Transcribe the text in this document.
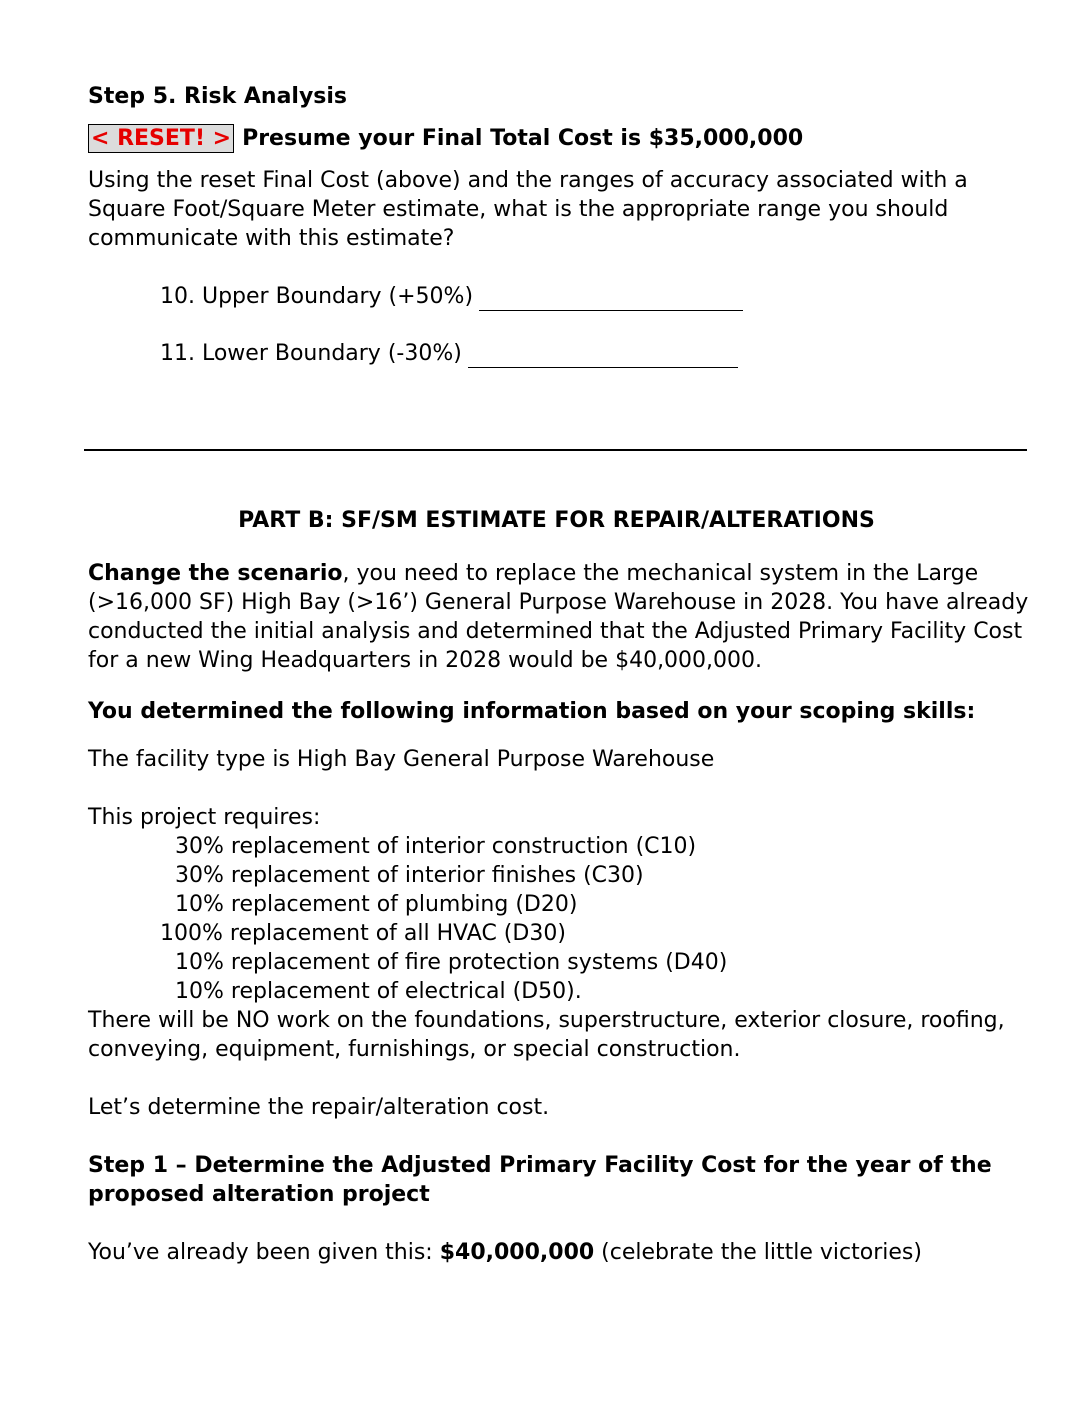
Step 5. Risk Analysis
< RESET! > Presume your Final Total Cost is $35,000,000
Using the reset Final Cost (above) and the ranges of accuracy associated with a Square Foot/Square Meter estimate, what is the appropriate range you should communicate with this estimate?
10. Upper Boundary (+50%)
11. Lower Boundary (-30%)
PART B: SF/SM ESTIMATE FOR REPAIR/ALTERATIONS
Change the scenario, you need to replace the mechanical system in the Large (>16,000 SF) High Bay (>16’) General Purpose Warehouse in 2028. You have already conducted the initial analysis and determined that the Adjusted Primary Facility Cost for a new Wing Headquarters in 2028 would be $40,000,000.
You determined the following information based on your scoping skills:
The facility type is High Bay General Purpose Warehouse
This project requires:
30% replacement of interior construction (C10)
30% replacement of interior finishes (C30)
10% replacement of plumbing (D20)
100% replacement of all HVAC (D30)
10% replacement of fire protection systems (D40)
10% replacement of electrical (D50).
There will be NO work on the foundations, superstructure, exterior closure, roofing, conveying, equipment, furnishings, or special construction.
Let’s determine the repair/alteration cost.
Step 1 – Determine the Adjusted Primary Facility Cost for the year of the proposed alteration project
You’ve already been given this: $40,000,000 (celebrate the little victories)
